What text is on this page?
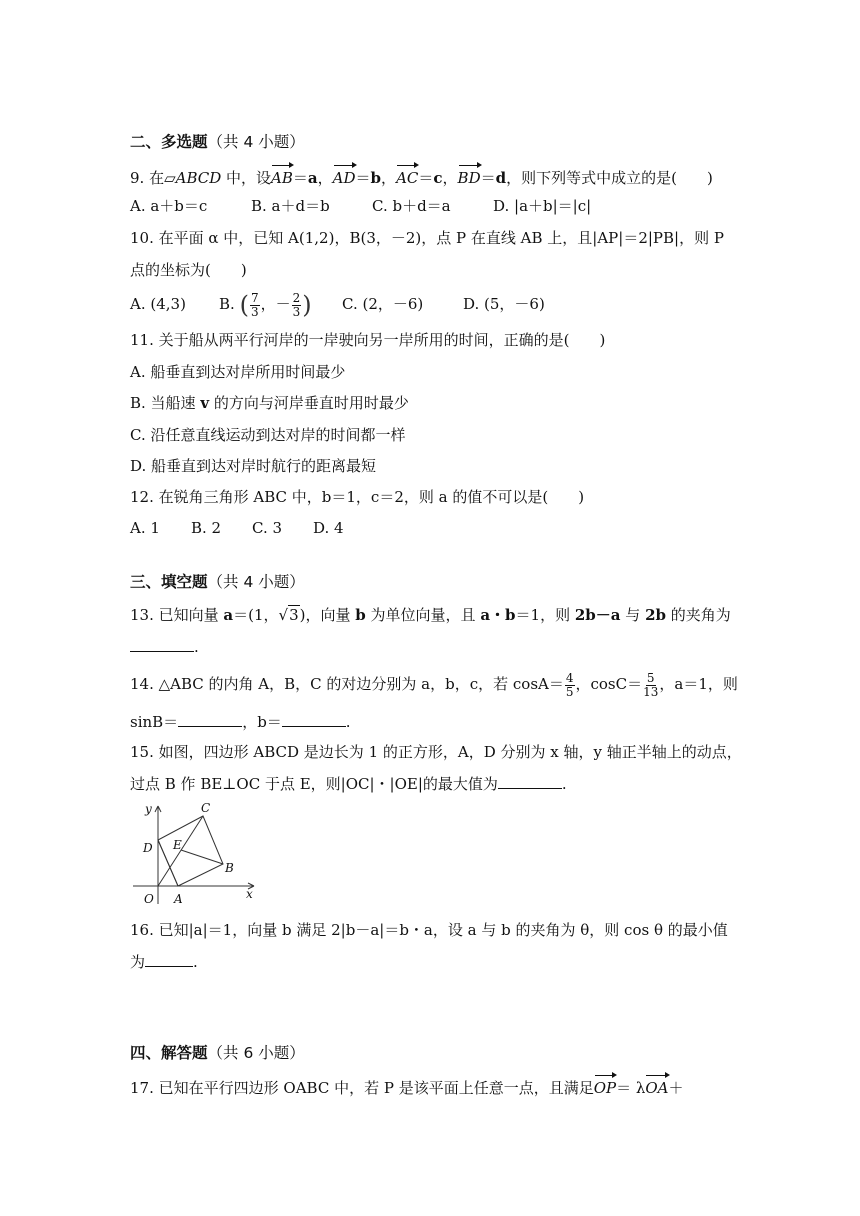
二、多选题（共 4 小题）
9. 在▱ABCD 中，设AB＝a，AD＝b，AC＝c，BD＝d，则下列等式中成立的是(　　)
A. a＋b＝c	B. a＋d＝b	C. b＋d＝a	D. |a＋b|＝|c|
10. 在平面 α 中，已知 A(1,2)，B(3，－2)，点 P 在直线 AB 上，且|AP|＝2|PB|，则 P
点的坐标为(　　)
A. (4,3) B. ( $\frac{7}{3}$ ，－ $\frac{2}{3}$ ) C. (2，－6)	D. (5，－6)
11. 关于船从两平行河岸的一岸驶向另一岸所用的时间，正确的是(　　)
A. 船垂直到达对岸所用时间最少
B. 当船速 v 的方向与河岸垂直时用时最少
C. 沿任意直线运动到达对岸的时间都一样
D. 船垂直到达对岸时航行的距离最短
12. 在锐角三角形 ABC 中，b＝1，c＝2，则 a 的值不可以是(　　)
A. 1 B. 2 C. 3 D. 4
三、填空题（共 4 小题）
13. 已知向量 a＝(1，√3)，向量 b 为单位向量，且 a・b＝1，则 2b－a 与 2b 的夹角为
.
14. △ABC 的内角 A，B，C 的对边分别为 a，b，c，若 $\cos A= \frac{4}{5}$ ，$\cos C= \frac{5}{13}$ ，a＝1，则
sinB＝	，b＝	.
15. 如图，四边形 ABCD 是边长为 1 的正方形，A，D 分别为 x 轴，y 轴正半轴上的动点，
过点 B 作 BE⊥OC 于点 E，则|OC|・|OE|的最大值为	.
y
x
O A
B
C
D E
16. 已知|a|＝1，向量 b 满足 2|b－a|＝b・a，设 a 与 b 的夹角为 θ，则 cos θ 的最小值
为	.
四、解答题（共 6 小题）
17. 已知在平行四边形 OABC 中，若 P 是该平面上任意一点，且满足OP＝ λOA＋
